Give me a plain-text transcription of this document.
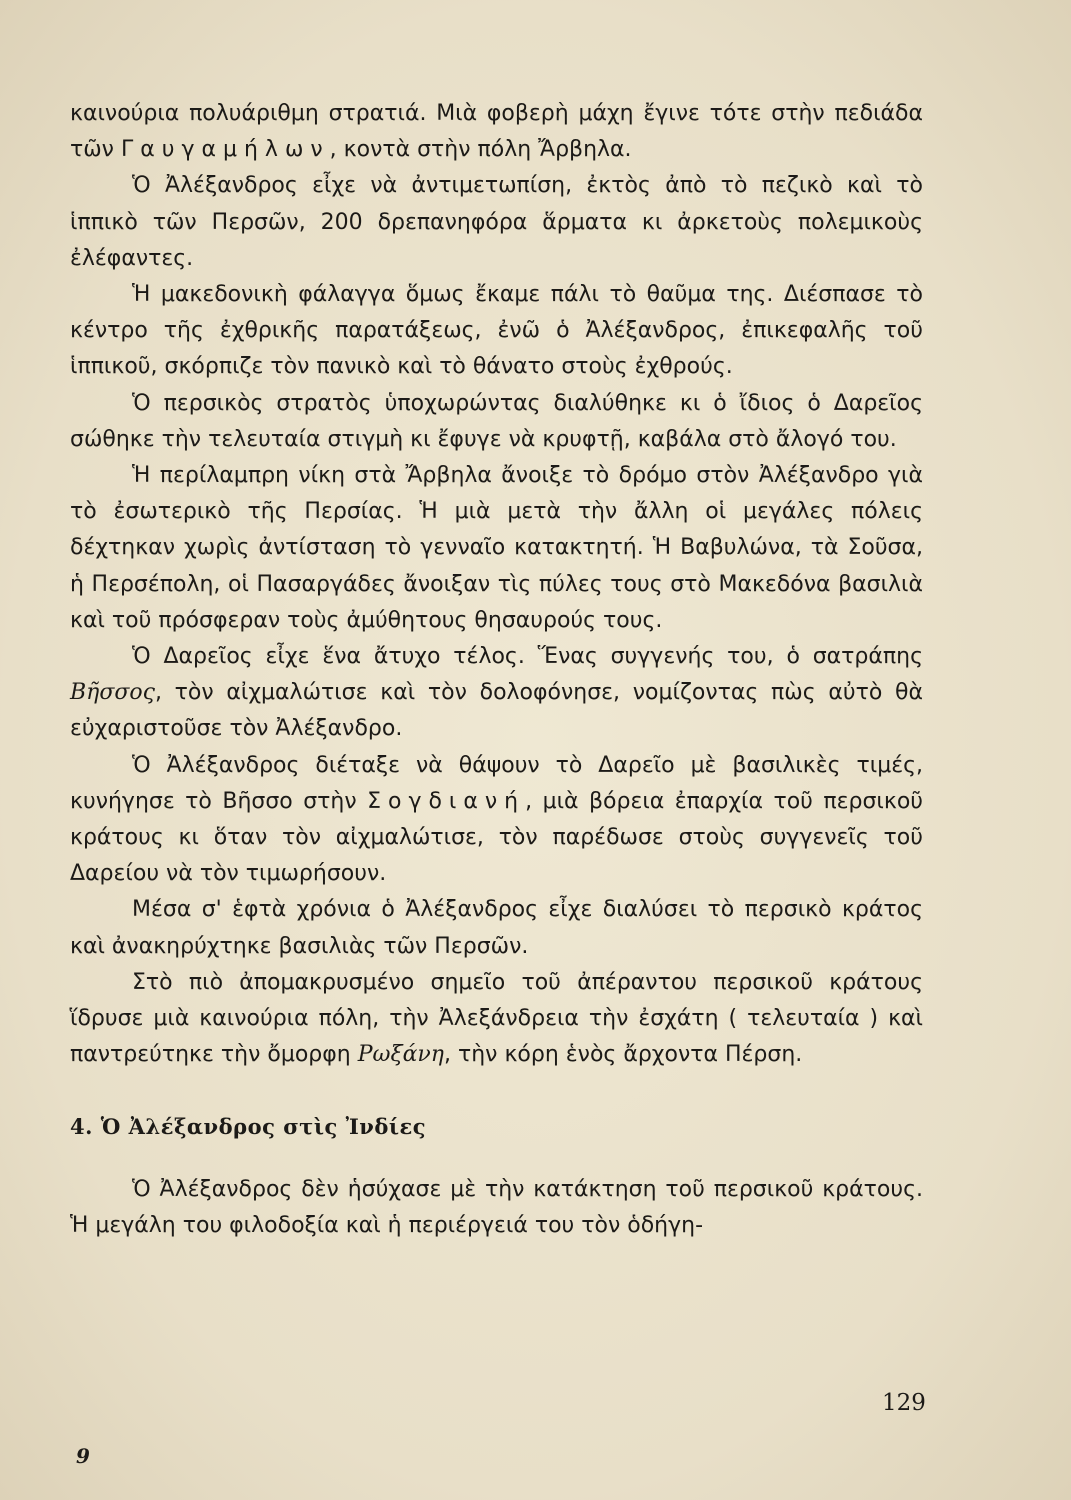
καινούρια πολυάριθμη στρατιά. Μιὰ φοβερὴ μάχη ἔγινε τότε στὴν πεδιάδα τῶν Γαυγαμήλων, κοντὰ στὴν πόλη Ἄρβηλα.

Ὁ Ἀλέξανδρος εἶχε νὰ ἀντιμετωπίση, ἐκτὸς ἀπὸ τὸ πεζικὸ καὶ τὸ ἱππικὸ τῶν Περσῶν, 200 δρεπανηφόρα ἅρματα κι ἀρκετοὺς πολεμικοὺς ἐλέφαντες.

Ἡ μακεδονικὴ φάλαγγα ὅμως ἔκαμε πάλι τὸ θαῦμα της. Διέσπασε τὸ κέντρο τῆς ἐχθρικῆς παρατάξεως, ἐνῶ ὁ Ἀλέξανδρος, ἐπικεφαλῆς τοῦ ἱππικοῦ, σκόρπιζε τὸν πανικὸ καὶ τὸ θάνατο στοὺς ἐχθρούς.

Ὁ περσικὸς στρατὸς ὑποχωρώντας διαλύθηκε κι ὁ ἴδιος ὁ Δαρεῖος σώθηκε τὴν τελευταία στιγμὴ κι ἔφυγε νὰ κρυφτῇ, καβάλα στὸ ἄλογό του.

Ἡ περίλαμπρη νίκη στὰ Ἄρβηλα ἄνοιξε τὸ δρόμο στὸν Ἀλέξανδρο γιὰ τὸ ἐσωτερικὸ τῆς Περσίας. Ἡ μιὰ μετὰ τὴν ἄλλη οἱ μεγάλες πόλεις δέχτηκαν χωρὶς ἀντίσταση τὸ γενναῖο κατακτητή. Ἡ Βαβυλώνα, τὰ Σοῦσα, ἡ Περσέπολη, οἱ Πασαργάδες ἄνοιξαν τὶς πύλες τους στὸ Μακεδόνα βασιλιὰ καὶ τοῦ πρόσφεραν τοὺς ἀμύθητους θησαυρούς τους.

Ὁ Δαρεῖος εἶχε ἕνα ἄτυχο τέλος. Ἕνας συγγενής του, ὁ σατράπης Βῆσσος, τὸν αἰχμαλώτισε καὶ τὸν δολοφόνησε, νομίζοντας πὼς αὐτὸ θὰ εὐχαριστοῦσε τὸν Ἀλέξανδρο.

Ὁ Ἀλέξανδρος διέταξε νὰ θάψουν τὸ Δαρεῖο μὲ βασιλικὲς τιμές, κυνήγησε τὸ Βῆσσο στὴν Σογδιανή, μιὰ βόρεια ἐπαρχία τοῦ περσικοῦ κράτους κι ὅταν τὸν αἰχμαλώτισε, τὸν παρέδωσε στοὺς συγγενεῖς τοῦ Δαρείου νὰ τὸν τιμωρήσουν.

Μέσα σ' ἑφτὰ χρόνια ὁ Ἀλέξανδρος εἶχε διαλύσει τὸ περσικὸ κράτος καὶ ἀνακηρύχτηκε βασιλιὰς τῶν Περσῶν.

Στὸ πιὸ ἀπομακρυσμένο σημεῖο τοῦ ἀπέραντου περσικοῦ κράτους ἵδρυσε μιὰ καινούρια πόλη, τὴν Ἀλεξάνδρεια τὴν ἐσχάτη ( τελευταία ) καὶ παντρεύτηκε τὴν ὄμορφη Ρωξάνη, τὴν κόρη ἑνὸς ἄρχοντα Πέρση.

4. Ὁ Ἀλέξανδρος στὶς Ἰνδίες

Ὁ Ἀλέξανδρος δὲν ἡσύχασε μὲ τὴν κατάκτηση τοῦ περσικοῦ κράτους. Ἡ μεγάλη του φιλοδοξία καὶ ἡ περιέργειά του τὸν ὁδήγη-

129
9
